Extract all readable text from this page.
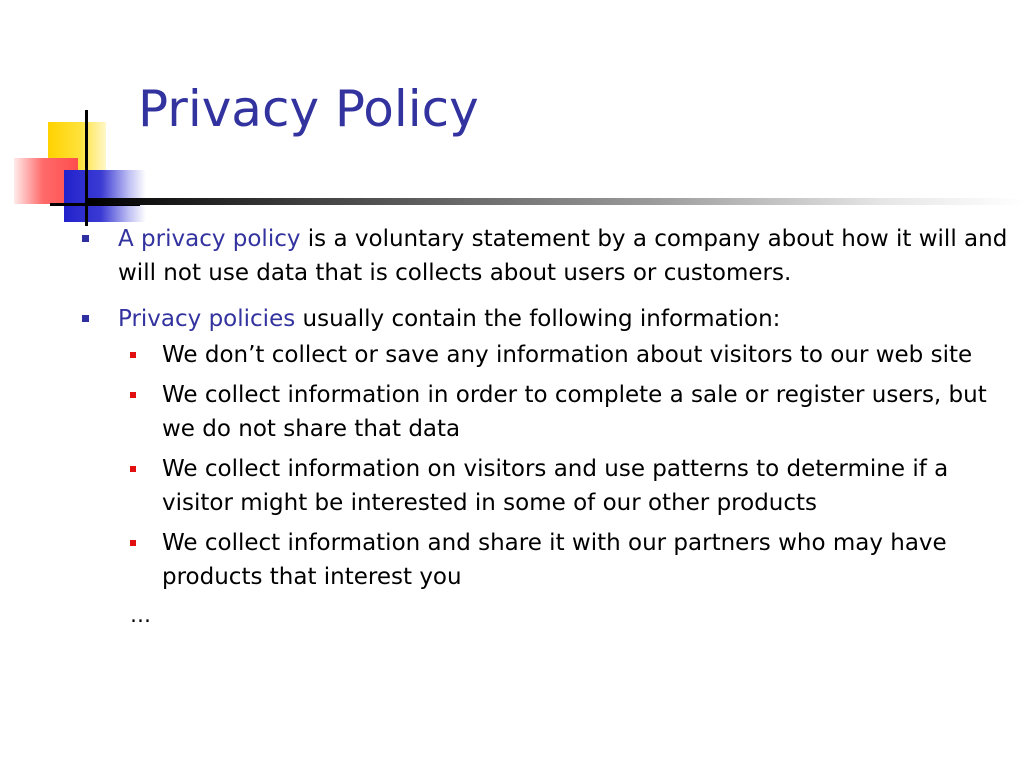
Privacy Policy
A privacy policy is a voluntary statement by a company about how it will and will not use data that is collects about users or customers.
Privacy policies usually contain the following information:
We don’t collect or save any information about visitors to our web site
We collect information in order to complete a sale or register users, but we do not share that data
We collect information on visitors and use patterns to determine if a visitor might be interested in some of our other products
We collect information and share it with our partners who may have products that interest you
…
